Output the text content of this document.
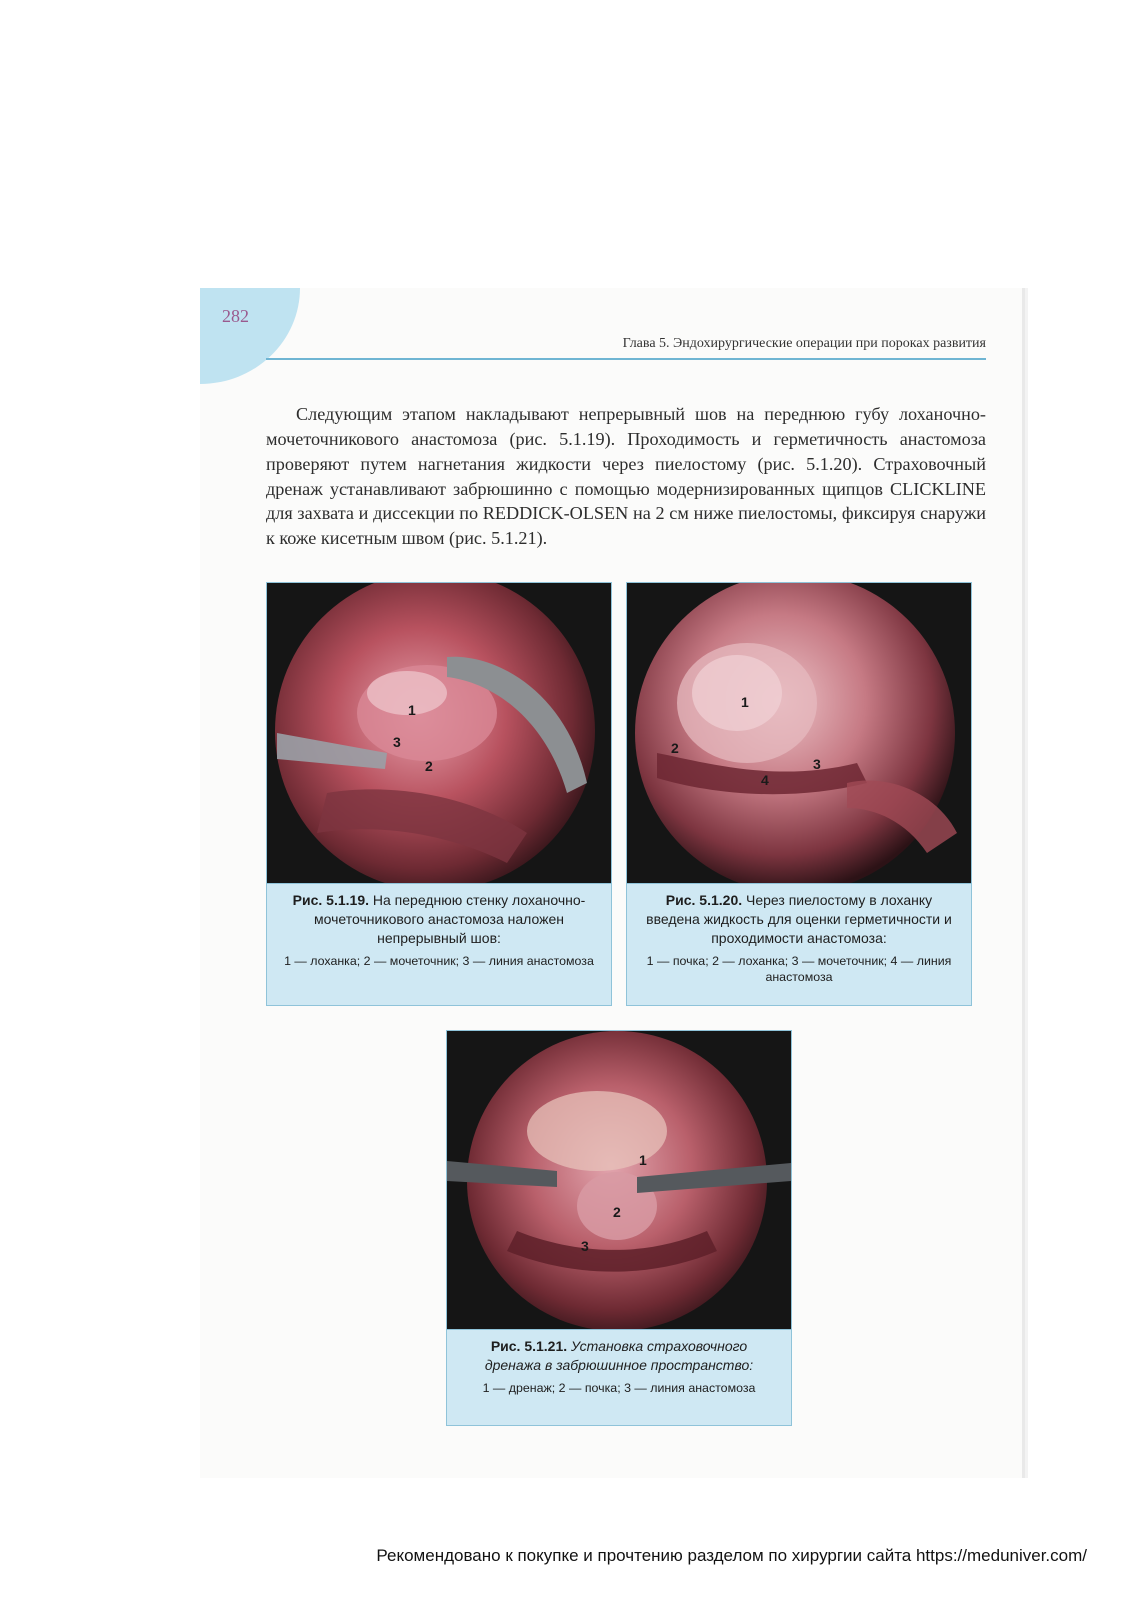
282
Глава 5. Эндохирургические операции при пороках развития

Следующим этапом накладывают непрерывный шов на переднюю губу лоханочно-мочеточникового анастомоза (рис. 5.1.19). Проходимость и герметичность анастомоза проверяют путем нагнетания жидкости через пиелостому (рис. 5.1.20). Страховочный дренаж устанавливают забрюшинно с помощью модернизированных щипцов CLICKLINE для захвата и диссекции по REDDICK-OLSEN на 2 см ниже пиелостомы, фиксируя снаружи к коже кисетным швом (рис. 5.1.21).

1
2
3
Рис. 5.1.19. На переднюю стенку лоханочно-мочеточникового анастомоза наложен непрерывный шов:
1 — лоханка; 2 — мочеточник; 3 — линия анастомоза
1
2
3
4
Рис. 5.1.20. Через пиелостому в лоханку введена жидкость для оценки герметичности и проходимости анастомоза:
1 — почка; 2 — лоханка; 3 — мочеточник; 4 — линия анастомоза
1
2
3
Рис. 5.1.21. Установка страховочного дренажа в забрюшинное пространство:
1 — дренаж; 2 — почка; 3 — линия анастомоза
Рекомендовано к покупке и прочтению разделом по хирургии сайта https://meduniver.com/
